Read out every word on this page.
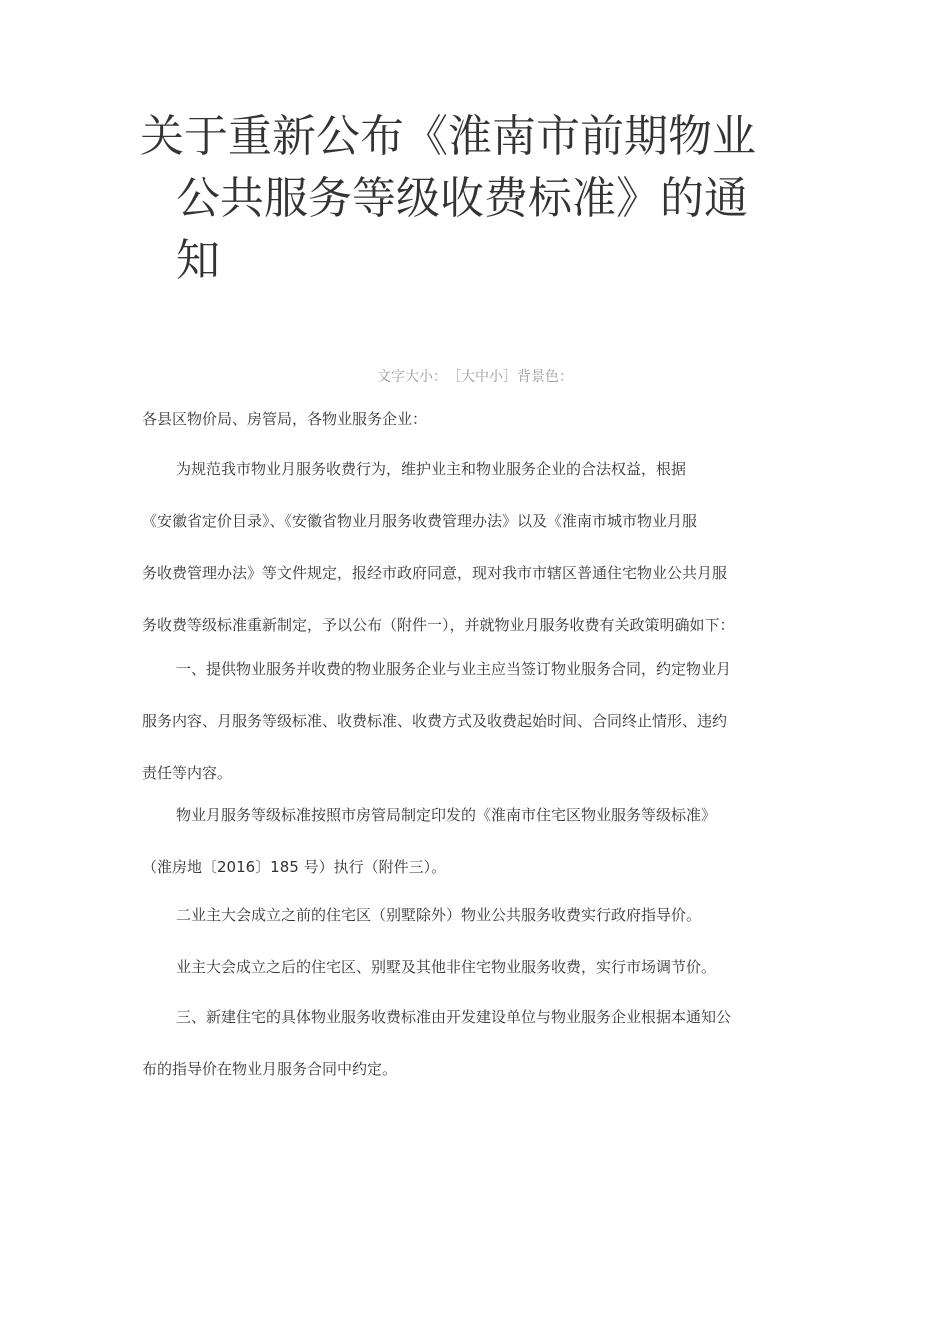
关于重新公布《淮南市前期物业
公共服务等级收费标准》的通
知
文字大小：［大中小］背景色：
各县区物价局、房管局，各物业服务企业：
为规范我市物业月服务收费行为，维护业主和物业服务企业的合法权益，根据
《安徽省定价目录》、《安徽省物业月服务收费管理办法》以及《淮南市城市物业月服
务收费管理办法》等文件规定，报经市政府同意，现对我市市辖区普通住宅物业公共月服
务收费等级标准重新制定，予以公布（附件一），并就物业月服务收费有关政策明确如下：
一、提供物业服务并收费的物业服务企业与业主应当签订物业服务合同，约定物业月
服务内容、月服务等级标准、收费标准、收费方式及收费起始时间、合同终止情形、违约
责任等内容。
物业月服务等级标准按照市房管局制定印发的《淮南市住宅区物业服务等级标准》
（淮房地〔2016〕185 号）执行（附件三）。
二业主大会成立之前的住宅区（别墅除外）物业公共服务收费实行政府指导价。
业主大会成立之后的住宅区、别墅及其他非住宅物业服务收费，实行市场调节价。
三、新建住宅的具体物业服务收费标准由开发建设单位与物业服务企业根据本通知公
布的指导价在物业月服务合同中约定。
